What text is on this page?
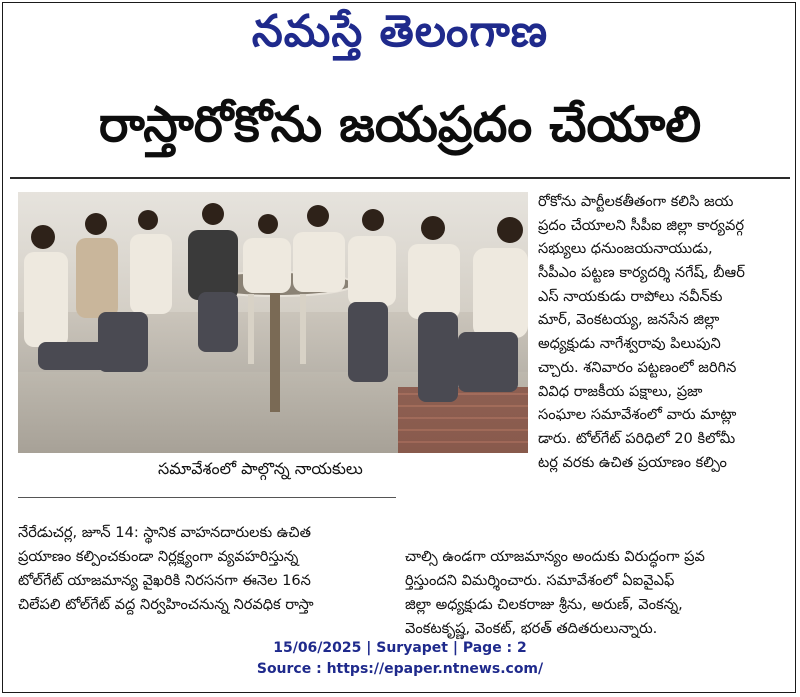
నమస్తే తెలంగాణ
రాస్తారోకోను జయప్రదం చేయాలి
సమావేశంలో పాల్గొన్న నాయకులు
రోకోను పార్టీలకతీతంగా కలిసి జయ
ప్రదం చేయాలని సీపీఐ జిల్లా కార్యవర్గ
సభ్యులు ధనుంజయనాయుడు,
సీపీఎం పట్టణ కార్యదర్శి నగేష్, బీఆర్
ఎస్ నాయకుడు రాపోలు నవీన్‌కు
మార్, వెంకటయ్య, జనసేన జిల్లా
అధ్యక్షుడు నాగేశ్వరావు పిలుపుని
చ్చారు. శనివారం పట్టణంలో జరిగిన
వివిధ రాజకీయ పక్షాలు, ప్రజా
సంఘాల సమావేశంలో వారు మాట్లా
డారు. టోల్‌గేట్ పరిధిలో 20 కిలోమీ
టర్ల వరకు ఉచిత ప్రయాణం కల్పిం
నేరేడుచర్ల, జూన్ 14: స్థానిక వాహనదారులకు ఉచిత
ప్రయాణం కల్పించకుండా నిర్లక్ష్యంగా వ్యవహరిస్తున్న
టోల్‌గేట్ యాజమాన్య వైఖరికి నిరసనగా ఈనెల 16న
చిలేపలి టోల్‌గేట్ వద్ద నిర్వహించనున్న నిరవధిక రాస్తా
చాల్సి ఉండగా యాజమాన్యం అందుకు విరుద్ధంగా ప్రవ
ర్తిస్తుందని విమర్శించారు. సమావేశంలో ఏఐవైఎఫ్
జిల్లా అధ్యక్షుడు చిలకరాజు శ్రీను, అరుణ్, వెంకన్న,
వెంకటకృష్ణ, వెంకట్, భరత్ తదితరులున్నారు.
15/06/2025 | Suryapet | Page : 2
Source : https://epaper.ntnews.com/
